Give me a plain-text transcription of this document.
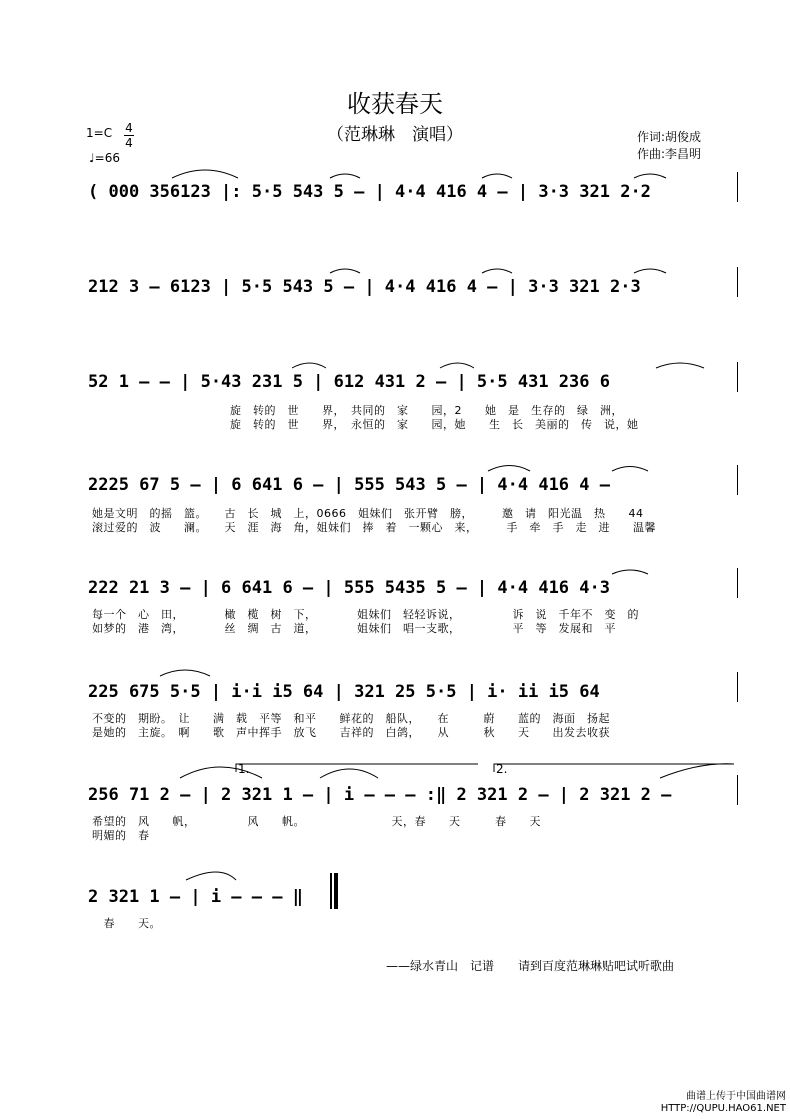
收获春天
（范琳琳　演唱）
1=C 4
4
♩=66
作词:胡俊成
作曲:李昌明
( 000 356123 |: 5·5 543 5 – | 4·4 416 4 – | 3·3 321 2·2
212 3 – 6123 | 5·5 543 5 – | 4·4 416 4 – | 3·3 321 2·3
52 1 – – | 5·43 231 5 | 612 431 2 – | 5·5 431 236 6
旋　转的　世　　界，　共同的　家　　园，2　　她　是　生存的　绿　洲，
旋　转的　世　　界，　永恒的　家　　园，她　　生　长　美丽的　传　说，她
2225 67 5 – | 6 641 6 – | 555 543 5 – | 4·4 416 4 –
她是文明　的摇　篮。　　古　长　城　上，0666　姐妹们　张开臂　膀，　　　邀　请　阳光温　热　　44
滚过爱的　波　　澜。　　天　涯　海　角，姐妹们　捧　着　一颗心　来，　　　手　牵　手　走　进　　温馨
222 21 3 – | 6 641 6 – | 555 5435 5 – | 4·4 416 4·3
每一个　心　田，　　　　橄　榄　树　下，　　　　姐妹们　轻轻诉说，　　　　　诉　说　千年不　变　的
如梦的　港　湾，　　　　丝　绸　古　道，　　　　姐妹们　唱一支歌，　　　　　平　等　发展和　平
225 675 5·5 | i·i i5 64 | 321 25 5·5 | i· ii i5 64
不变的　期盼。　让　　满　载　平等　和平　　鲜花的　船队，　　在　　　蔚　　蓝的　海面　扬起
是她的　主旋。　啊　　歌　声中挥手　放飞　　吉祥的　白鸽，　　从　　　秋　　天　　出发去收获
256 71 2 – | 2 321 1 – | i – – – :‖ 2 321 2 – | 2 321 2 –
希望的　风　　帆，　　　　　风　　帆。　　　　　　　　天，春　　天　　　春　　天
明媚的　春
1.	2.
2 321 1 – | i – – – ‖
　春　　天。
——绿水青山　记谱　　请到百度范琳琳贴吧试听歌曲
曲谱上传于中国曲谱网
HTTP://QUPU.HAO61.NET
